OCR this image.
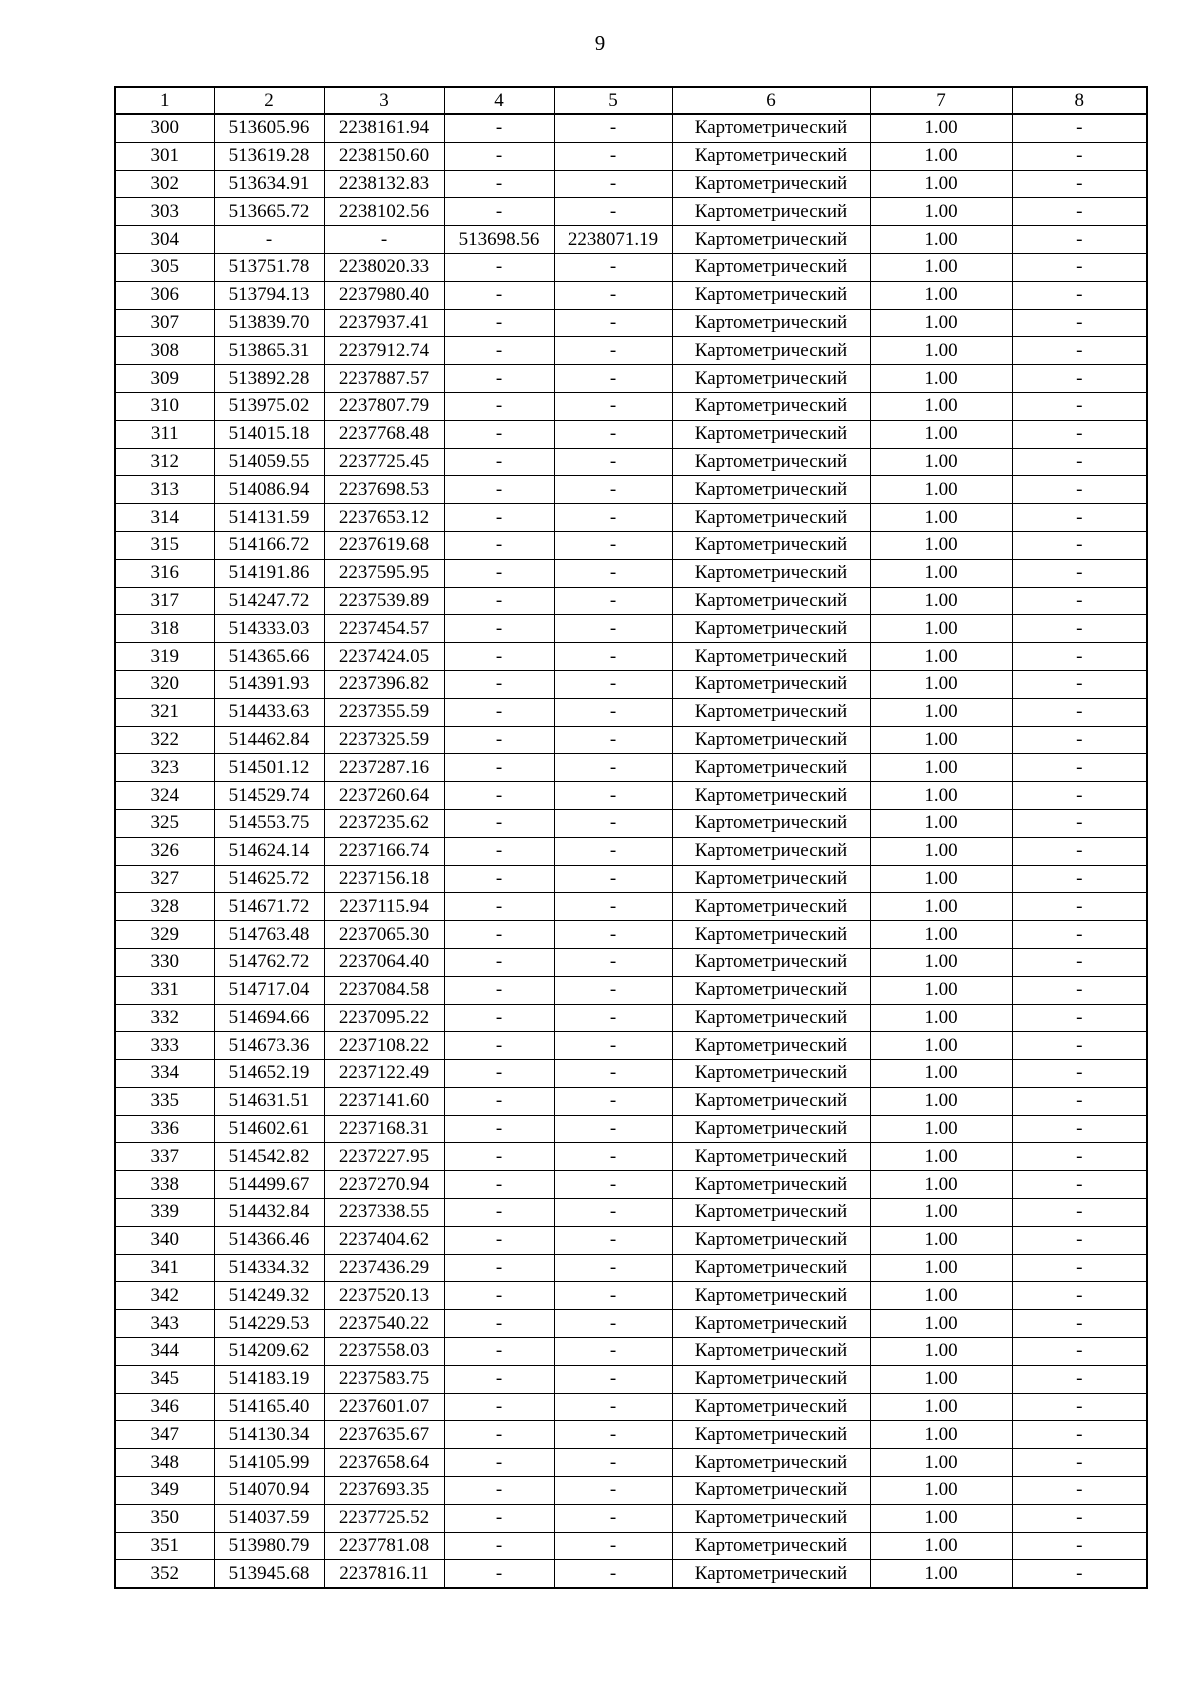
9
1	2	3	4	5	6	7	8
300	513605.96	2238161.94	-	-	Картометрический	1.00	-
301	513619.28	2238150.60	-	-	Картометрический	1.00	-
302	513634.91	2238132.83	-	-	Картометрический	1.00	-
303	513665.72	2238102.56	-	-	Картометрический	1.00	-
304	-	-	513698.56	2238071.19	Картометрический	1.00	-
305	513751.78	2238020.33	-	-	Картометрический	1.00	-
306	513794.13	2237980.40	-	-	Картометрический	1.00	-
307	513839.70	2237937.41	-	-	Картометрический	1.00	-
308	513865.31	2237912.74	-	-	Картометрический	1.00	-
309	513892.28	2237887.57	-	-	Картометрический	1.00	-
310	513975.02	2237807.79	-	-	Картометрический	1.00	-
311	514015.18	2237768.48	-	-	Картометрический	1.00	-
312	514059.55	2237725.45	-	-	Картометрический	1.00	-
313	514086.94	2237698.53	-	-	Картометрический	1.00	-
314	514131.59	2237653.12	-	-	Картометрический	1.00	-
315	514166.72	2237619.68	-	-	Картометрический	1.00	-
316	514191.86	2237595.95	-	-	Картометрический	1.00	-
317	514247.72	2237539.89	-	-	Картометрический	1.00	-
318	514333.03	2237454.57	-	-	Картометрический	1.00	-
319	514365.66	2237424.05	-	-	Картометрический	1.00	-
320	514391.93	2237396.82	-	-	Картометрический	1.00	-
321	514433.63	2237355.59	-	-	Картометрический	1.00	-
322	514462.84	2237325.59	-	-	Картометрический	1.00	-
323	514501.12	2237287.16	-	-	Картометрический	1.00	-
324	514529.74	2237260.64	-	-	Картометрический	1.00	-
325	514553.75	2237235.62	-	-	Картометрический	1.00	-
326	514624.14	2237166.74	-	-	Картометрический	1.00	-
327	514625.72	2237156.18	-	-	Картометрический	1.00	-
328	514671.72	2237115.94	-	-	Картометрический	1.00	-
329	514763.48	2237065.30	-	-	Картометрический	1.00	-
330	514762.72	2237064.40	-	-	Картометрический	1.00	-
331	514717.04	2237084.58	-	-	Картометрический	1.00	-
332	514694.66	2237095.22	-	-	Картометрический	1.00	-
333	514673.36	2237108.22	-	-	Картометрический	1.00	-
334	514652.19	2237122.49	-	-	Картометрический	1.00	-
335	514631.51	2237141.60	-	-	Картометрический	1.00	-
336	514602.61	2237168.31	-	-	Картометрический	1.00	-
337	514542.82	2237227.95	-	-	Картометрический	1.00	-
338	514499.67	2237270.94	-	-	Картометрический	1.00	-
339	514432.84	2237338.55	-	-	Картометрический	1.00	-
340	514366.46	2237404.62	-	-	Картометрический	1.00	-
341	514334.32	2237436.29	-	-	Картометрический	1.00	-
342	514249.32	2237520.13	-	-	Картометрический	1.00	-
343	514229.53	2237540.22	-	-	Картометрический	1.00	-
344	514209.62	2237558.03	-	-	Картометрический	1.00	-
345	514183.19	2237583.75	-	-	Картометрический	1.00	-
346	514165.40	2237601.07	-	-	Картометрический	1.00	-
347	514130.34	2237635.67	-	-	Картометрический	1.00	-
348	514105.99	2237658.64	-	-	Картометрический	1.00	-
349	514070.94	2237693.35	-	-	Картометрический	1.00	-
350	514037.59	2237725.52	-	-	Картометрический	1.00	-
351	513980.79	2237781.08	-	-	Картометрический	1.00	-
352	513945.68	2237816.11	-	-	Картометрический	1.00	-
